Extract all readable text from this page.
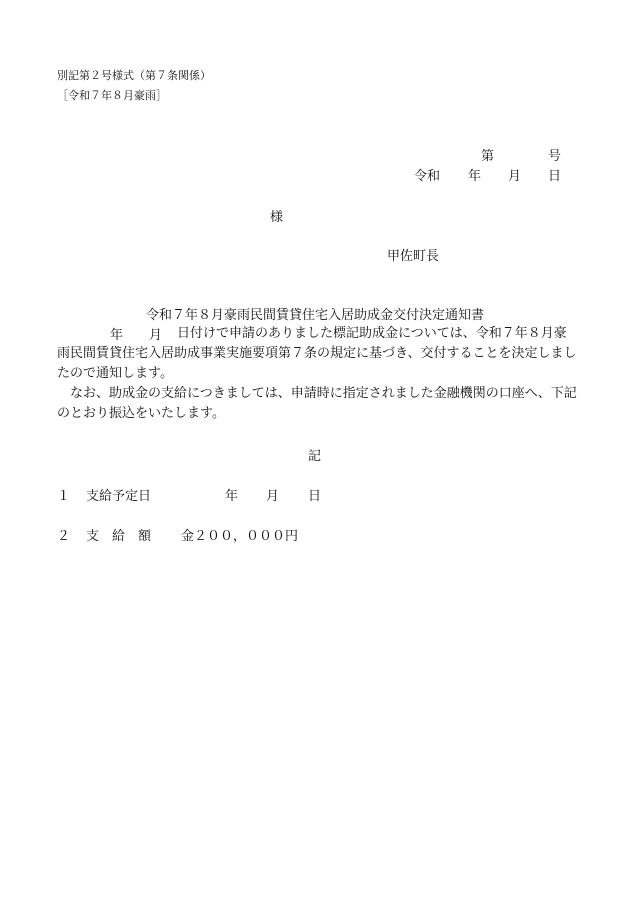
別記第２号様式（第７条関係）
［令和７年８月豪雨］
第	号
令和 年 月 日
様
甲佐町長
令和７年８月豪雨民間賃貸住宅入居助成金交付決定通知書
年 月	日付けで申請のありました標記助成金については、令和７年８月豪雨民間賃貸住宅入居助成事業実施要項第７条の規定に基づき、交付することを決定しましたので通知します。
なお、助成金の支給につきましては、申請時に指定されました金融機関の口座へ、下記のとおり振込をいたします。
記
１ 支給予定日	年 月 日
２ 支　給　額 金２００，０００円
